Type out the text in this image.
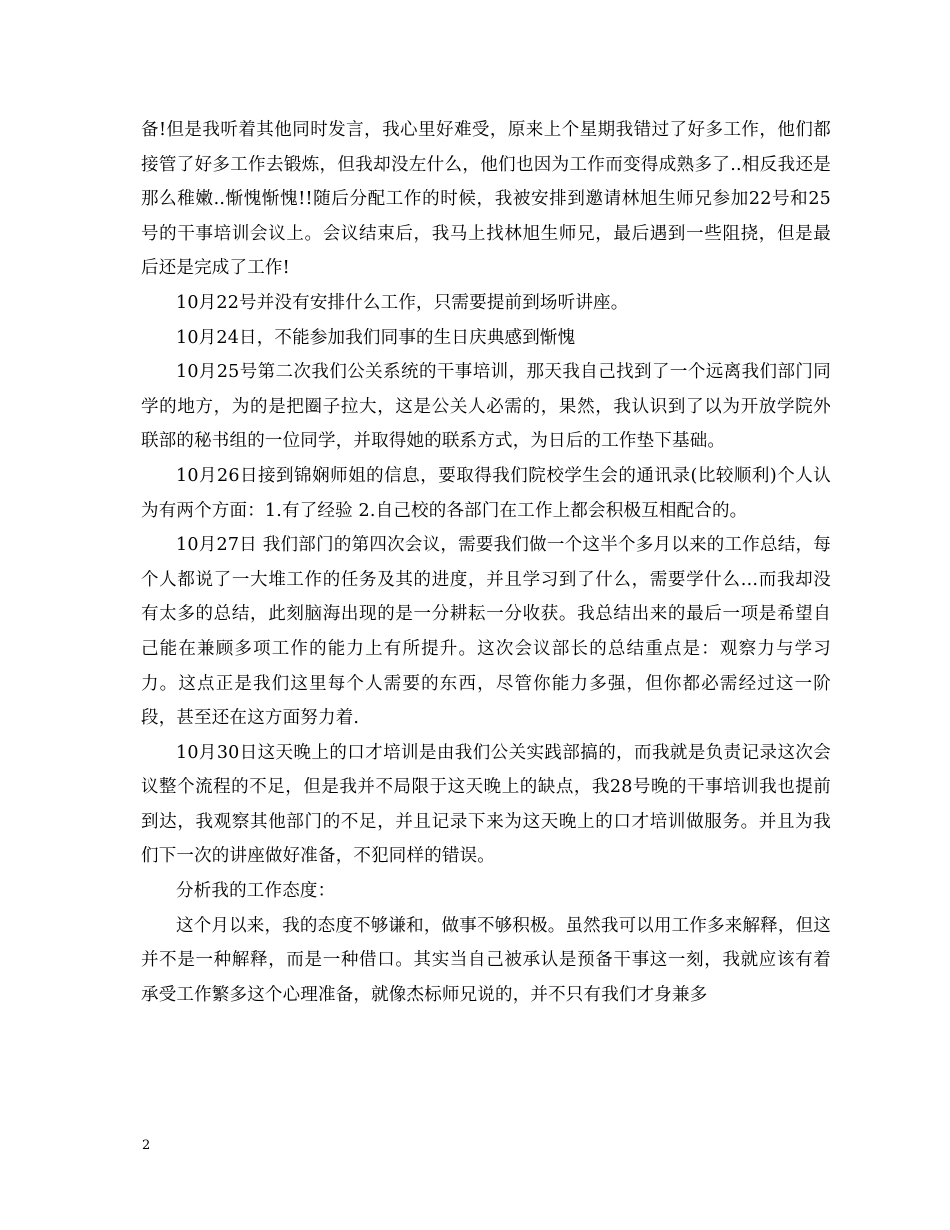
备!但是我听着其他同时发言，我心里好难受，原来上个星期我错过了好多工作，他们都接管了好多工作去锻炼，但我却没左什么，他们也因为工作而变得成熟多了..相反我还是那么稚嫩..惭愧惭愧!!随后分配工作的时候，我被安排到邀请林旭生师兄参加22号和25号的干事培训会议上。会议结束后，我马上找林旭生师兄，最后遇到一些阻挠，但是最后还是完成了工作!

10月22号并没有安排什么工作，只需要提前到场听讲座。

10月24日，不能参加我们同事的生日庆典感到惭愧

10月25号第二次我们公关系统的干事培训，那天我自己找到了一个远离我们部门同学的地方，为的是把圈子拉大，这是公关人必需的，果然，我认识到了以为开放学院外联部的秘书组的一位同学，并取得她的联系方式，为日后的工作垫下基础。

10月26日接到锦娴师姐的信息，要取得我们院校学生会的通讯录(比较顺利)个人认为有两个方面：1.有了经验 2.自己校的各部门在工作上都会积极互相配合的。

10月27日 我们部门的第四次会议，需要我们做一个这半个多月以来的工作总结，每个人都说了一大堆工作的任务及其的进度，并且学习到了什么，需要学什么…而我却没有太多的总结，此刻脑海出现的是一分耕耘一分收获。我总结出来的最后一项是希望自己能在兼顾多项工作的能力上有所提升。这次会议部长的总结重点是：观察力与学习力。这点正是我们这里每个人需要的东西，尽管你能力多强，但你都必需经过这一阶段，甚至还在这方面努力着.

10月30日这天晚上的口才培训是由我们公关实践部搞的，而我就是负责记录这次会议整个流程的不足，但是我并不局限于这天晚上的缺点，我28号晚的干事培训我也提前到达，我观察其他部门的不足，并且记录下来为这天晚上的口才培训做服务。并且为我们下一次的讲座做好准备，不犯同样的错误。

分析我的工作态度：

这个月以来，我的态度不够谦和，做事不够积极。虽然我可以用工作多来解释，但这并不是一种解释，而是一种借口。其实当自己被承认是预备干事这一刻，我就应该有着承受工作繁多这个心理准备，就像杰标师兄说的，并不只有我们才身兼多

2
